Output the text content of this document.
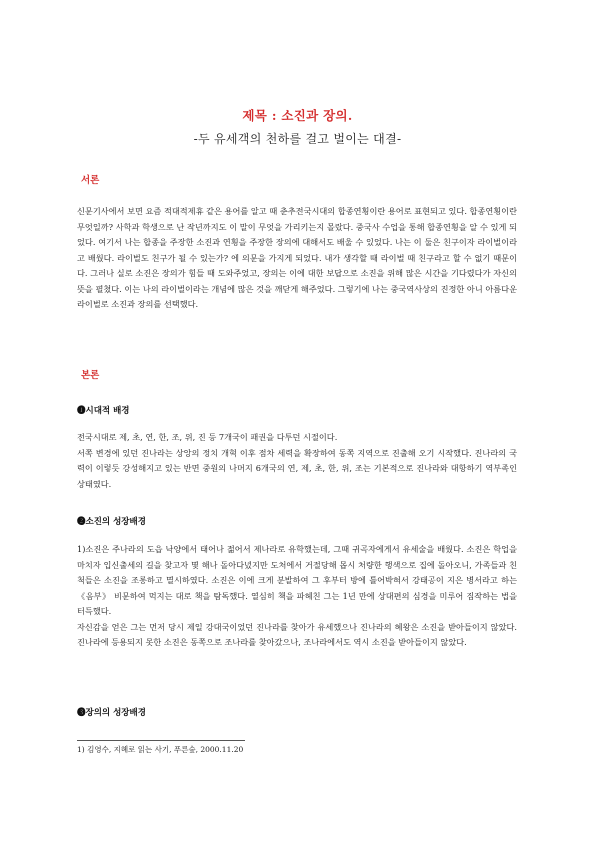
제목 : 소진과 장의.
-두 유세객의 천하를 걸고 벌이는 대결-
서론

신문기사에서 보면 요즘 적대적제휴 같은 용어를 알고 때 춘추전국시대의 합종연횡이란 용어로 표현되고 있다. 합종연횡이란 무엇일까? 사학과 학생으로 난 작년까지도 이 말이 무엇을 가리키는지 몰랐다. 중국사 수업을 통해 합종연횡을 알 수 있게 되었다. 여기서 나는 합종을 주장한 소진과 연횡을 주장한 장의에 대해서도 배울 수 있었다. 나는 이 둘은 친구이자 라이벌이라고 배웠다. 라이벌도 친구가 될 수 있는가? 에 의문을 가지게 되었다. 내가 생각할 때 라이벌 때 친구라고 할 수 없기 때문이다. 그러나 실로 소진은 장의가 힘들 때 도와주었고, 장의는 이에 대한 보답으로 소진을 위해 많은 시간을 기다렸다가 자신의 뜻을 펼쳤다. 이는 나의 라이벌이라는 개념에 많은 것을 깨닫게 해주었다. 그렇기에 나는 중국역사상의 진정한 아니 아름다운 라이벌로 소진과 장의를 선택했다.

본론
❶시대적 배경

전국시대로 제, 초, 연, 한, 조, 위, 진 등 7개국이 패권을 다투던 시절이다.
서쪽 변경에 있던 진나라는 상앙의 정치 개혁 이후 점차 세력을 확장하여 동쪽 지역으로 진출해 오기 시작했다. 진나라의 국력이 이렇듯 강성해지고 있는 반면 중원의 나머지 6개국의 연, 제, 초, 한, 위, 조는 기본적으로 진나라와 대항하기 역부족인 상태였다.

❷소진의 성장배경

1)소진은 주나라의 도읍 낙양에서 태어나 젊어서 제나라로 유학했는데, 그때 귀곡자에게서 유세술을 배웠다. 소진은 학업을 마치자 입신출세의 길을 찾고자 몇 해나 돌아다녔지만 도처에서 거절당해 몹시 처량한 행색으로 집에 돌아오니, 가족들과 친척들은 소진을 조롱하고 멸시하였다. 소진은 이에 크게 분발하여 그 후부터 방에 틀어박혀서 강태공이 지은 병서라고 하는 《음부》 비문하여 먹지는 대로 책을 탐독했다. 열심히 책을 파헤친 그는 1년 만에 상대편의 심경을 미루어 짐작하는 법을 터득했다.
자신감을 얻은 그는 먼저 당시 제일 강대국이었던 진나라를 찾아가 유세했으나 진나라의 혜왕은 소진을 받아들이지 않았다. 진나라에 등용되지 못한 소진은 동쪽으로 조나라를 찾아갔으나, 조나라에서도 역시 소진을 받아들이지 않았다.

❸장의의 성장배경
1) 김영수, 지혜로 읽는 사기, 푸른숲, 2000.11.20
